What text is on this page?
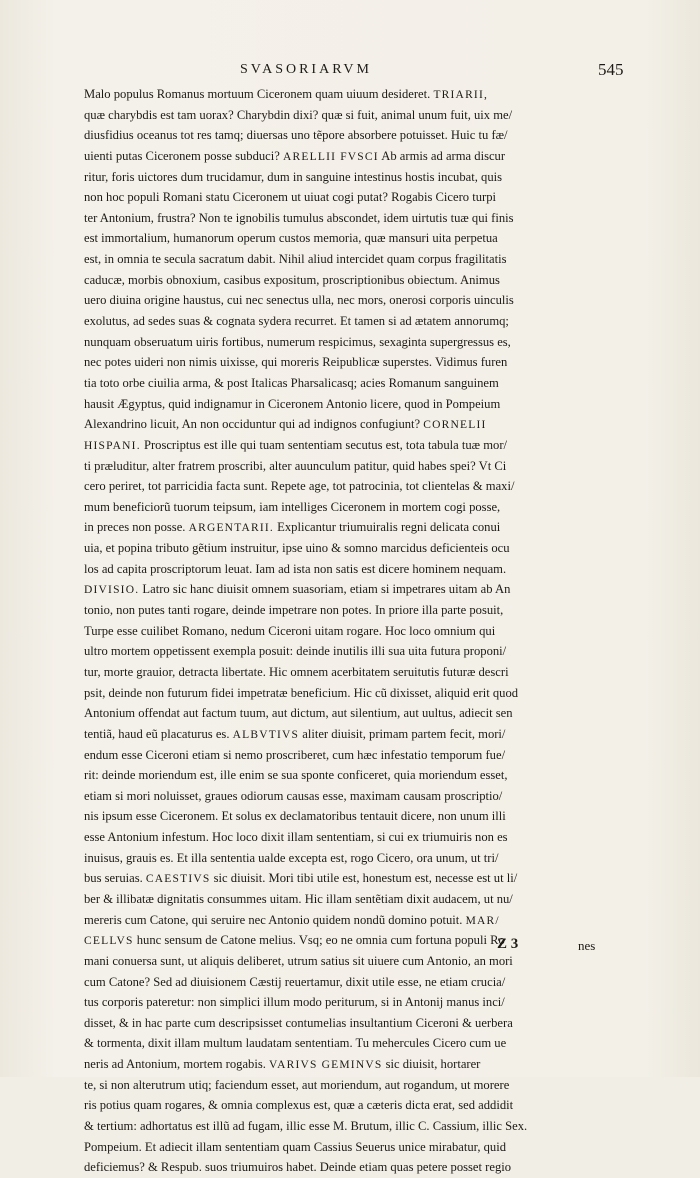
SVASORIARVM	545
Malo populus Romanus mortuum Ciceronem quam uiuum desideret. TRIARII,
quæ charybdis est tam uorax? Charybdin dixi? quæ si fuit, animal unum fuit, uix me/
diusfidius oceanus tot res tamq; diuersas uno tẽpore absorbere potuisset. Huic tu fæ/
uienti putas Ciceronem posse subduci? ARELLII FVSCI Ab armis ad arma discur
ritur, foris uictores dum trucidamur, dum in sanguine intestinus hostis incubat, quis
non hoc populi Romani statu Ciceronem ut uiuat cogi putat? Rogabis Cicero turpi
ter Antonium, frustra? Non te ignobilis tumulus abscondet, idem uirtutis tuæ qui finis
est immortalium, humanorum operum custos memoria, quæ mansuri uita perpetua
est, in omnia te secula sacratum dabit. Nihil aliud intercidet quam corpus fragilitatis
caducæ, morbis obnoxium, casibus expositum, proscriptionibus obiectum. Animus
uero diuina origine haustus, cui nec senectus ulla, nec mors, onerosi corporis uinculis
exolutus, ad sedes suas & cognata sydera recurret. Et tamen si ad ætatem annorumq;
nunquam obseruatum uiris fortibus, numerum respicimus, sexaginta supergressus es,
nec potes uideri non nimis uixisse, qui moreris Reipublicæ superstes. Vidimus furen
tia toto orbe ciuilia arma, & post Italicas Pharsalicasq; acies Romanum sanguinem
hausit Ægyptus, quid indignamur in Ciceronem Antonio licere, quod in Pompeium
Alexandrino licuit, An non occiduntur qui ad indignos confugiunt? CORNELII
HISPANI. Proscriptus est ille qui tuam sententiam secutus est, tota tabula tuæ mor/
ti præluditur, alter fratrem proscribi, alter auunculum patitur, quid habes spei? Vt Ci
cero periret, tot parricidia facta sunt. Repete age, tot patrocinia, tot clientelas & maxi/
mum beneficiorũ tuorum teipsum, iam intelliges Ciceronem in mortem cogi posse,
in preces non posse. ARGENTARII. Explicantur triumuiralis regni delicata conui
uia, et popina tributo gẽtium instruitur, ipse uino & somno marcidus deficienteis ocu
los ad capita proscriptorum leuat. Iam ad ista non satis est dicere hominem nequam.
DIVISIO. Latro sic hanc diuisit omnem suasoriam, etiam si impetrares uitam ab An
tonio, non putes tanti rogare, deinde impetrare non potes. In priore illa parte posuit,
Turpe esse cuilibet Romano, nedum Ciceroni uitam rogare. Hoc loco omnium qui
ultro mortem oppetissent exempla posuit: deinde inutilis illi sua uita futura proponi/
tur, morte grauior, detracta libertate. Hic omnem acerbitatem seruitutis futuræ descri
psit, deinde non futurum fidei impetratæ beneficium. Hic cũ dixisset, aliquid erit quod
Antonium offendat aut factum tuum, aut dictum, aut silentium, aut uultus, adiecit sen
tentiã, haud eũ placaturus es. ALBVTIVS aliter diuisit, primam partem fecit, mori/
endum esse Ciceroni etiam si nemo proscriberet, cum hæc infestatio temporum fue/
rit: deinde moriendum est, ille enim se sua sponte conficeret, quia moriendum esset,
etiam si mori noluisset, graues odiorum causas esse, maximam causam proscriptio/
nis ipsum esse Ciceronem. Et solus ex declamatoribus tentauit dicere, non unum illi
esse Antonium infestum. Hoc loco dixit illam sententiam, si cui ex triumuiris non es
inuisus, grauis es. Et illa sententia ualde excepta est, rogo Cicero, ora unum, ut tri/
bus seruias. CAESTIVS sic diuisit. Mori tibi utile est, honestum est, necesse est ut li/
ber & illibatæ dignitatis consummes uitam. Hic illam sentẽtiam dixit audacem, ut nu/
mereris cum Catone, qui seruire nec Antonio quidem nondũ domino potuit. MAR/
CELLVS hunc sensum de Catone melius. Vsq; eo ne omnia cum fortuna populi Ro
mani conuersa sunt, ut aliquis deliberet, utrum satius sit uiuere cum Antonio, an mori
cum Catone? Sed ad diuisionem Cæstij reuertamur, dixit utile esse, ne etiam crucia/
tus corporis pateretur: non simplici illum modo periturum, si in Antonij manus inci/
disset, & in hac parte cum descripsisset contumelias insultantium Ciceroni & uerbera
& tormenta, dixit illam multum laudatam sententiam. Tu mehercules Cicero cum ue
neris ad Antonium, mortem rogabis. VARIVS GEMINVS sic diuisit, hortarer
te, si non alterutrum utiq; faciendum esset, aut moriendum, aut rogandum, ut morere
ris potius quam rogares, & omnia complexus est, quæ a cæteris dicta erat, sed addidit
& tertium: adhortatus est illũ ad fugam, illic esse M. Brutum, illic C. Cassium, illic Sex.
Pompeium. Et adiecit illam sententiam quam Cassius Seuerus unice mirabatur, quid
deficiemus? & Respub. suos triumuiros habet. Deinde etiam quas petere posset regio
Z 3	nes
